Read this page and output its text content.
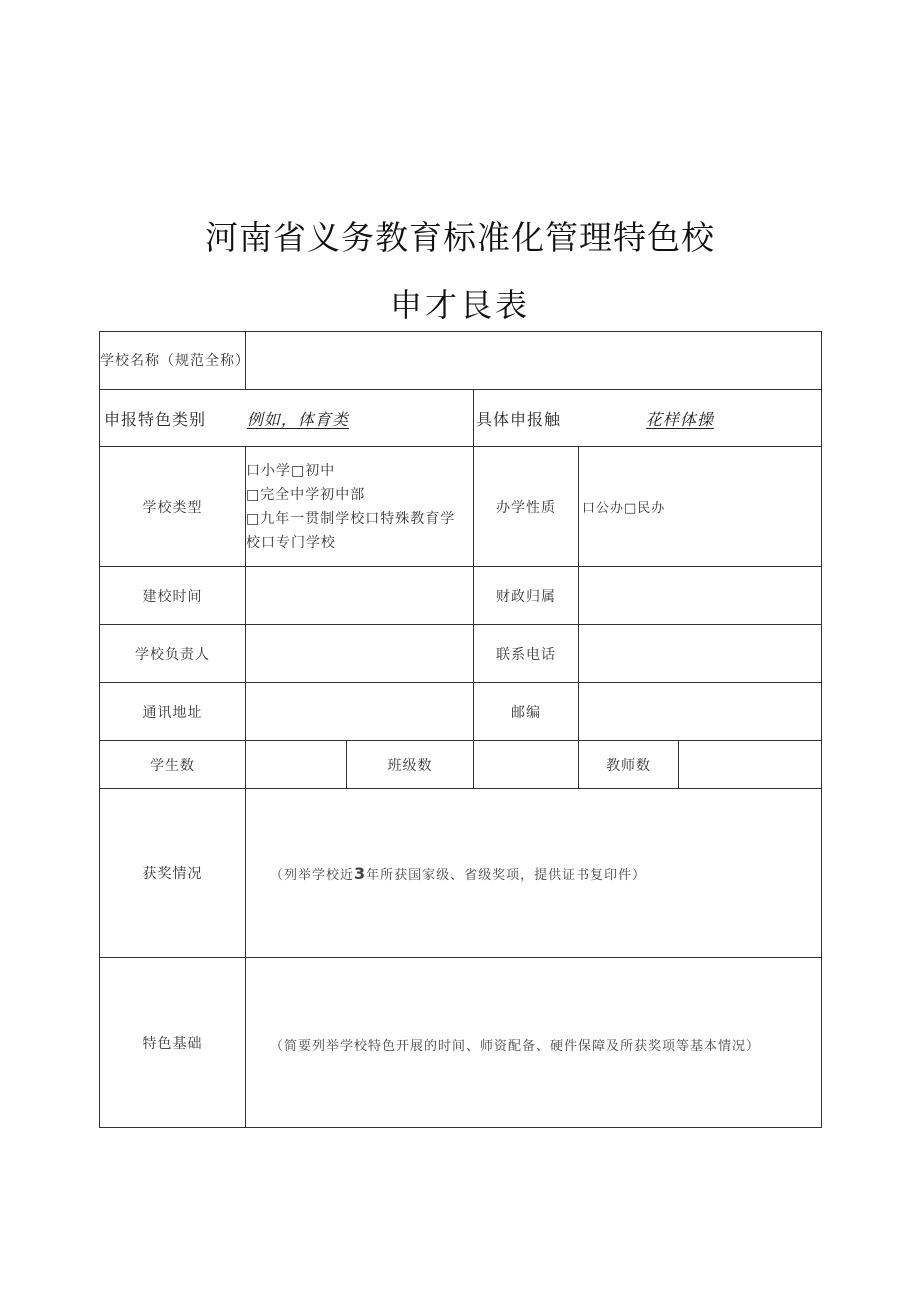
河南省义务教育标准化管理特色校
申才艮表
学校名称（规范全称）					
申报特色类别 例如，体育类			具体申报触 花样体操		
学校类型	口小学□初中
□完全中学初中部
□九年一贯制学校口特殊教育学
校口专门学校		办学性质	口公办□民办	
建校时间			财政归属		
学校负责人			联系电话		
通讯地址			邮编		
学生数		班级数		教师数	
获奖情况	（列举学校近3年所获国家级、省级奖项，提供证书复印件）				

特色基础	（简要列举学校特色开展的时间、师资配备、硬件保障及所获奖项等基本情况）				
